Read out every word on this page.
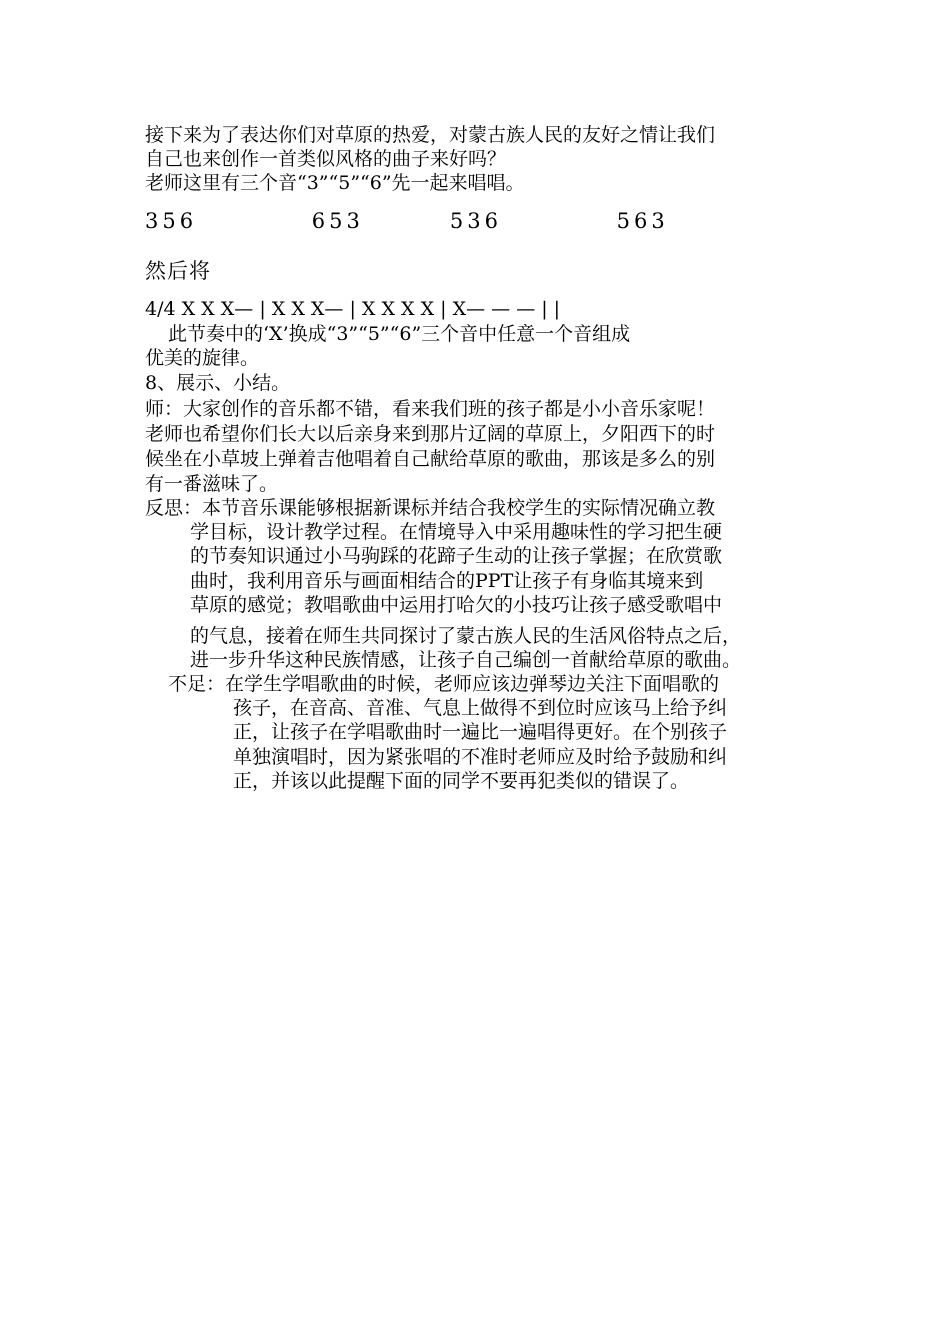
接下来为了表达你们对草原的热爱，对蒙古族人民的友好之情让我们
自己也来创作一首类似风格的曲子来好吗？
老师这里有三个音“3”“5”“6”先一起来唱唱。
356    653   536    563
然后将
4/4 X X X— | X X X— | X X X X | X— — — | |
此节奏中的‘X’换成“3”“5”“6”三个音中任意一个音组成
优美的旋律。
8、展示、小结。
师：大家创作的音乐都不错，看来我们班的孩子都是小小音乐家呢！
老师也希望你们长大以后亲身来到那片辽阔的草原上，夕阳西下的时
候坐在小草坡上弹着吉他唱着自己献给草原的歌曲，那该是多么的别
有一番滋味了。
反思：本节音乐课能够根据新课标并结合我校学生的实际情况确立教
学目标，设计教学过程。在情境导入中采用趣味性的学习把生硬
的节奏知识通过小马驹踩的花蹄子生动的让孩子掌握；在欣赏歌
曲时，我利用音乐与画面相结合的PPT让孩子有身临其境来到
草原的感觉；教唱歌曲中运用打哈欠的小技巧让孩子感受歌唱中
的气息，接着在师生共同探讨了蒙古族人民的生活风俗特点之后，
进一步升华这种民族情感，让孩子自己编创一首献给草原的歌曲。
不足：在学生学唱歌曲的时候，老师应该边弹琴边关注下面唱歌的
孩子，在音高、音准、气息上做得不到位时应该马上给予纠
正，让孩子在学唱歌曲时一遍比一遍唱得更好。在个别孩子
单独演唱时，因为紧张唱的不准时老师应及时给予鼓励和纠
正，并该以此提醒下面的同学不要再犯类似的错误了。
